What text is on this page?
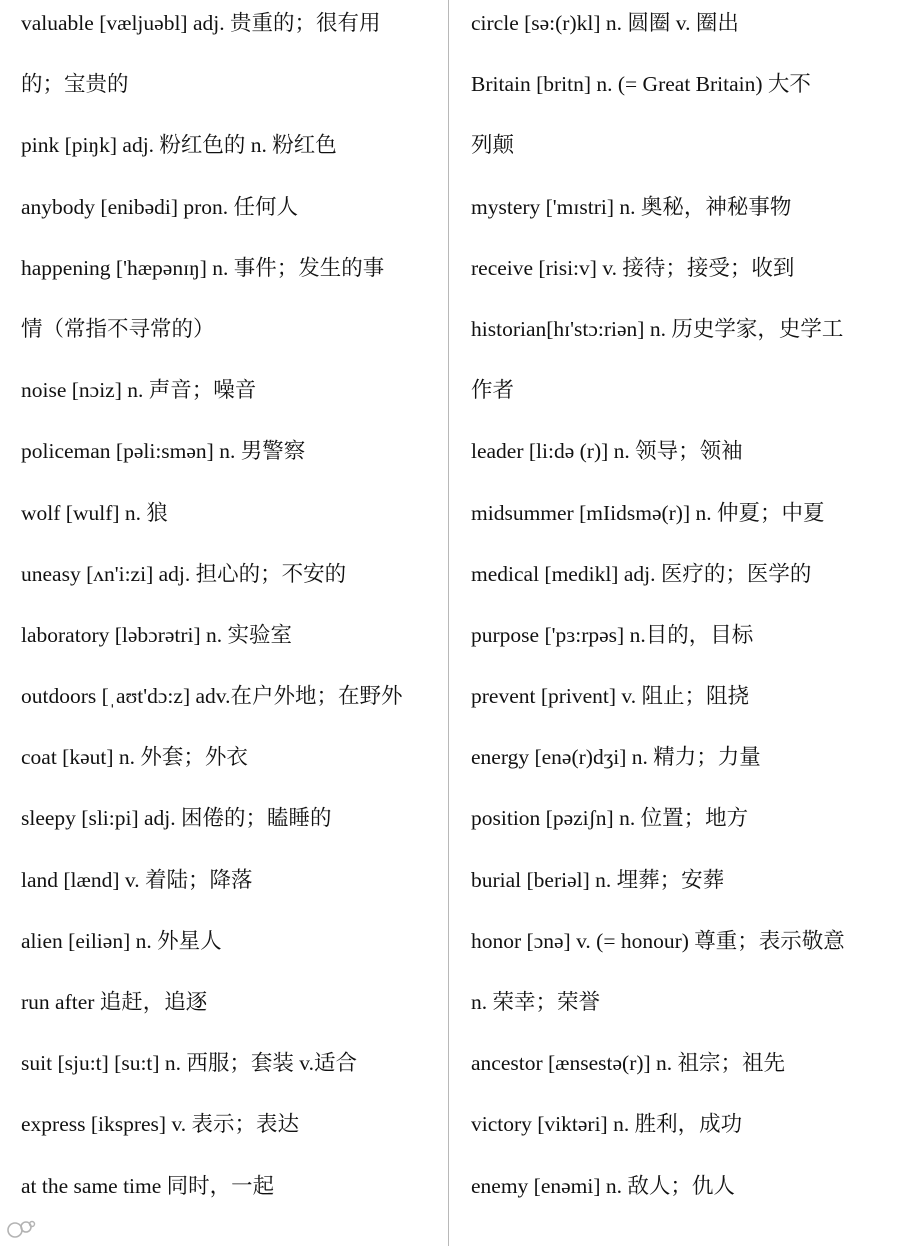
valuable [væljuəbl] adj. 贵重的；很有用
的；宝贵的
pink [piŋk] adj. 粉红色的 n. 粉红色
anybody [enibədi] pron. 任何人
happening ['hæpənɪŋ] n. 事件；发生的事
情（常指不寻常的）
noise [nɔiz] n. 声音；噪音
policeman [pəli:smən] n. 男警察
wolf [wulf] n. 狼
uneasy [ʌn'i:zi] adj. 担心的；不安的
laboratory [ləbɔrətri] n. 实验室
outdoors [ˌaʊt'dɔ:z] adv.在户外地；在野外
coat [kəut] n. 外套；外衣
sleepy [sli:pi] adj. 困倦的；瞌睡的
land [lænd] v. 着陆；降落
alien [eiliən] n. 外星人
run after 追赶，追逐
suit [sju:t] [su:t] n. 西服；套装 v.适合
express [ikspres] v. 表示；表达
at the same time 同时，一起
circle [sə:(r)kl] n. 圆圈 v. 圈出
Britain [britn] n. (= Great Britain) 大不
列颠
mystery ['mɪstri] n. 奥秘，神秘事物
receive [risi:v] v. 接待；接受；收到
historian[hɪ'stɔ:riən] n. 历史学家，史学工
作者
leader [li:də (r)] n. 领导；领袖
midsummer [mIidsmə(r)] n. 仲夏；中夏
medical [medikl] adj. 医疗的；医学的
purpose ['pɜ:rpəs] n.目的，目标
prevent [privent] v. 阻止；阻挠
energy [enə(r)dʒi] n. 精力；力量
position [pəziʃn] n. 位置；地方
burial [beriəl] n. 埋葬；安葬
honor [ɔnə] v. (= honour) 尊重；表示敬意
n. 荣幸；荣誉
ancestor [ænsestə(r)] n. 祖宗；祖先
victory [viktəri] n. 胜利，成功
enemy [enəmi] n. 敌人；仇人
